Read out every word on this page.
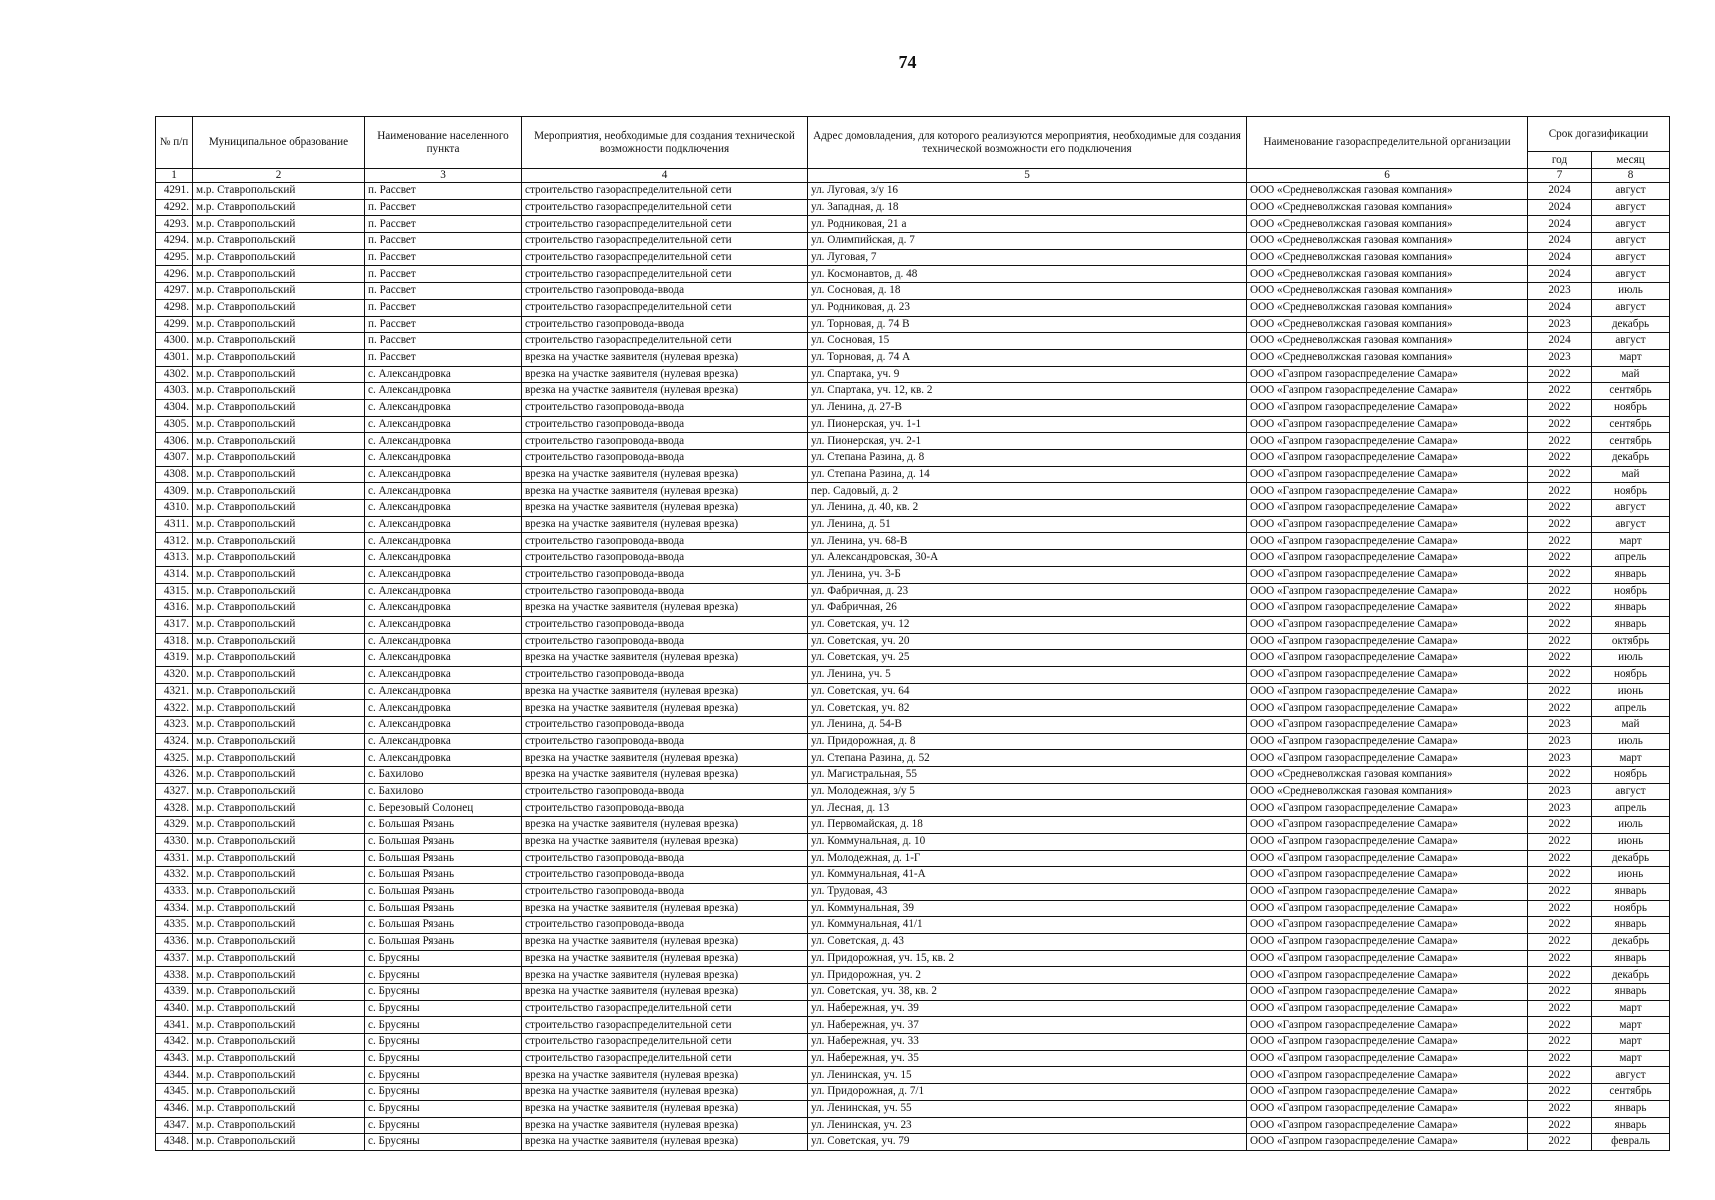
74
№ п/п	Муниципальное образование	Наименование населенного пункта	Мероприятия, необходимые для создания технической возможности подключения	Адрес домовладения, для которого реализуются мероприятия, необходимые для создания технической возможности его подключения	Наименование газораспределительной организации	Срок догазификации	
						год	месяц
1	2	3	4	5	6	7	8
4291.	м.р. Ставропольский	п. Рассвет	строительство газораспределительной сети	ул. Луговая, з/у 16	ООО «Средневолжская газовая компания»	2024	август
4292.	м.р. Ставропольский	п. Рассвет	строительство газораспределительной сети	ул. Западная, д. 18	ООО «Средневолжская газовая компания»	2024	август
4293.	м.р. Ставропольский	п. Рассвет	строительство газораспределительной сети	ул. Родниковая, 21 а	ООО «Средневолжская газовая компания»	2024	август
4294.	м.р. Ставропольский	п. Рассвет	строительство газораспределительной сети	ул. Олимпийская, д. 7	ООО «Средневолжская газовая компания»	2024	август
4295.	м.р. Ставропольский	п. Рассвет	строительство газораспределительной сети	ул. Луговая, 7	ООО «Средневолжская газовая компания»	2024	август
4296.	м.р. Ставропольский	п. Рассвет	строительство газораспределительной сети	ул. Космонавтов, д. 48	ООО «Средневолжская газовая компания»	2024	август
4297.	м.р. Ставропольский	п. Рассвет	строительство газопровода-ввода	ул. Сосновая, д. 18	ООО «Средневолжская газовая компания»	2023	июль
4298.	м.р. Ставропольский	п. Рассвет	строительство газораспределительной сети	ул. Родниковая, д. 23	ООО «Средневолжская газовая компания»	2024	август
4299.	м.р. Ставропольский	п. Рассвет	строительство газопровода-ввода	ул. Торновая, д. 74 В	ООО «Средневолжская газовая компания»	2023	декабрь
4300.	м.р. Ставропольский	п. Рассвет	строительство газораспределительной сети	ул. Сосновая, 15	ООО «Средневолжская газовая компания»	2024	август
4301.	м.р. Ставропольский	п. Рассвет	врезка на участке заявителя (нулевая врезка)	ул. Торновая, д. 74 А	ООО «Средневолжская газовая компания»	2023	март
4302.	м.р. Ставропольский	с. Александровка	врезка на участке заявителя (нулевая врезка)	ул. Спартака, уч. 9	ООО «Газпром газораспределение Самара»	2022	май
4303.	м.р. Ставропольский	с. Александровка	врезка на участке заявителя (нулевая врезка)	ул. Спартака, уч. 12, кв. 2	ООО «Газпром газораспределение Самара»	2022	сентябрь
4304.	м.р. Ставропольский	с. Александровка	строительство газопровода-ввода	ул. Ленина, д. 27-В	ООО «Газпром газораспределение Самара»	2022	ноябрь
4305.	м.р. Ставропольский	с. Александровка	строительство газопровода-ввода	ул. Пионерская, уч. 1-1	ООО «Газпром газораспределение Самара»	2022	сентябрь
4306.	м.р. Ставропольский	с. Александровка	строительство газопровода-ввода	ул. Пионерская, уч. 2-1	ООО «Газпром газораспределение Самара»	2022	сентябрь
4307.	м.р. Ставропольский	с. Александровка	строительство газопровода-ввода	ул. Степана Разина, д. 8	ООО «Газпром газораспределение Самара»	2022	декабрь
4308.	м.р. Ставропольский	с. Александровка	врезка на участке заявителя (нулевая врезка)	ул. Степана Разина, д. 14	ООО «Газпром газораспределение Самара»	2022	май
4309.	м.р. Ставропольский	с. Александровка	врезка на участке заявителя (нулевая врезка)	пер. Садовый, д. 2	ООО «Газпром газораспределение Самара»	2022	ноябрь
4310.	м.р. Ставропольский	с. Александровка	врезка на участке заявителя (нулевая врезка)	ул. Ленина, д. 40, кв. 2	ООО «Газпром газораспределение Самара»	2022	август
4311.	м.р. Ставропольский	с. Александровка	врезка на участке заявителя (нулевая врезка)	ул. Ленина, д. 51	ООО «Газпром газораспределение Самара»	2022	август
4312.	м.р. Ставропольский	с. Александровка	строительство газопровода-ввода	ул. Ленина, уч. 68-В	ООО «Газпром газораспределение Самара»	2022	март
4313.	м.р. Ставропольский	с. Александровка	строительство газопровода-ввода	ул. Александровская, 30-А	ООО «Газпром газораспределение Самара»	2022	апрель
4314.	м.р. Ставропольский	с. Александровка	строительство газопровода-ввода	ул. Ленина, уч. 3-Б	ООО «Газпром газораспределение Самара»	2022	январь
4315.	м.р. Ставропольский	с. Александровка	строительство газопровода-ввода	ул. Фабричная, д. 23	ООО «Газпром газораспределение Самара»	2022	ноябрь
4316.	м.р. Ставропольский	с. Александровка	врезка на участке заявителя (нулевая врезка)	ул. Фабричная, 26	ООО «Газпром газораспределение Самара»	2022	январь
4317.	м.р. Ставропольский	с. Александровка	строительство газопровода-ввода	ул. Советская, уч. 12	ООО «Газпром газораспределение Самара»	2022	январь
4318.	м.р. Ставропольский	с. Александровка	строительство газопровода-ввода	ул. Советская, уч. 20	ООО «Газпром газораспределение Самара»	2022	октябрь
4319.	м.р. Ставропольский	с. Александровка	врезка на участке заявителя (нулевая врезка)	ул. Советская, уч. 25	ООО «Газпром газораспределение Самара»	2022	июль
4320.	м.р. Ставропольский	с. Александровка	строительство газопровода-ввода	ул. Ленина, уч. 5	ООО «Газпром газораспределение Самара»	2022	ноябрь
4321.	м.р. Ставропольский	с. Александровка	врезка на участке заявителя (нулевая врезка)	ул. Советская, уч. 64	ООО «Газпром газораспределение Самара»	2022	июнь
4322.	м.р. Ставропольский	с. Александровка	врезка на участке заявителя (нулевая врезка)	ул. Советская, уч. 82	ООО «Газпром газораспределение Самара»	2022	апрель
4323.	м.р. Ставропольский	с. Александровка	строительство газопровода-ввода	ул. Ленина, д. 54-В	ООО «Газпром газораспределение Самара»	2023	май
4324.	м.р. Ставропольский	с. Александровка	строительство газопровода-ввода	ул. Придорожная, д. 8	ООО «Газпром газораспределение Самара»	2023	июль
4325.	м.р. Ставропольский	с. Александровка	врезка на участке заявителя (нулевая врезка)	ул. Степана Разина, д. 52	ООО «Газпром газораспределение Самара»	2023	март
4326.	м.р. Ставропольский	с. Бахилово	врезка на участке заявителя (нулевая врезка)	ул. Магистральная, 55	ООО «Средневолжская газовая компания»	2022	ноябрь
4327.	м.р. Ставропольский	с. Бахилово	строительство газопровода-ввода	ул. Молодежная, з/у 5	ООО «Средневолжская газовая компания»	2023	август
4328.	м.р. Ставропольский	с. Березовый Солонец	строительство газопровода-ввода	ул. Лесная, д. 13	ООО «Газпром газораспределение Самара»	2023	апрель
4329.	м.р. Ставропольский	с. Большая Рязань	врезка на участке заявителя (нулевая врезка)	ул. Первомайская, д. 18	ООО «Газпром газораспределение Самара»	2022	июль
4330.	м.р. Ставропольский	с. Большая Рязань	врезка на участке заявителя (нулевая врезка)	ул. Коммунальная, д. 10	ООО «Газпром газораспределение Самара»	2022	июнь
4331.	м.р. Ставропольский	с. Большая Рязань	строительство газопровода-ввода	ул. Молодежная, д. 1-Г	ООО «Газпром газораспределение Самара»	2022	декабрь
4332.	м.р. Ставропольский	с. Большая Рязань	строительство газопровода-ввода	ул. Коммунальная, 41-А	ООО «Газпром газораспределение Самара»	2022	июнь
4333.	м.р. Ставропольский	с. Большая Рязань	строительство газопровода-ввода	ул. Трудовая, 43	ООО «Газпром газораспределение Самара»	2022	январь
4334.	м.р. Ставропольский	с. Большая Рязань	врезка на участке заявителя (нулевая врезка)	ул. Коммунальная, 39	ООО «Газпром газораспределение Самара»	2022	ноябрь
4335.	м.р. Ставропольский	с. Большая Рязань	строительство газопровода-ввода	ул. Коммунальная, 41/1	ООО «Газпром газораспределение Самара»	2022	январь
4336.	м.р. Ставропольский	с. Большая Рязань	врезка на участке заявителя (нулевая врезка)	ул. Советская, д. 43	ООО «Газпром газораспределение Самара»	2022	декабрь
4337.	м.р. Ставропольский	с. Брусяны	врезка на участке заявителя (нулевая врезка)	ул. Придорожная, уч. 15, кв. 2	ООО «Газпром газораспределение Самара»	2022	январь
4338.	м.р. Ставропольский	с. Брусяны	врезка на участке заявителя (нулевая врезка)	ул. Придорожная, уч. 2	ООО «Газпром газораспределение Самара»	2022	декабрь
4339.	м.р. Ставропольский	с. Брусяны	врезка на участке заявителя (нулевая врезка)	ул. Советская, уч. 38, кв. 2	ООО «Газпром газораспределение Самара»	2022	январь
4340.	м.р. Ставропольский	с. Брусяны	строительство газораспределительной сети	ул. Набережная, уч. 39	ООО «Газпром газораспределение Самара»	2022	март
4341.	м.р. Ставропольский	с. Брусяны	строительство газораспределительной сети	ул. Набережная, уч. 37	ООО «Газпром газораспределение Самара»	2022	март
4342.	м.р. Ставропольский	с. Брусяны	строительство газораспределительной сети	ул. Набережная, уч. 33	ООО «Газпром газораспределение Самара»	2022	март
4343.	м.р. Ставропольский	с. Брусяны	строительство газораспределительной сети	ул. Набережная, уч. 35	ООО «Газпром газораспределение Самара»	2022	март
4344.	м.р. Ставропольский	с. Брусяны	врезка на участке заявителя (нулевая врезка)	ул. Ленинская, уч. 15	ООО «Газпром газораспределение Самара»	2022	август
4345.	м.р. Ставропольский	с. Брусяны	врезка на участке заявителя (нулевая врезка)	ул. Придорожная, д. 7/1	ООО «Газпром газораспределение Самара»	2022	сентябрь
4346.	м.р. Ставропольский	с. Брусяны	врезка на участке заявителя (нулевая врезка)	ул. Ленинская, уч. 55	ООО «Газпром газораспределение Самара»	2022	январь
4347.	м.р. Ставропольский	с. Брусяны	врезка на участке заявителя (нулевая врезка)	ул. Ленинская, уч. 23	ООО «Газпром газораспределение Самара»	2022	январь
4348.	м.р. Ставропольский	с. Брусяны	врезка на участке заявителя (нулевая врезка)	ул. Советская, уч. 79	ООО «Газпром газораспределение Самара»	2022	февраль
